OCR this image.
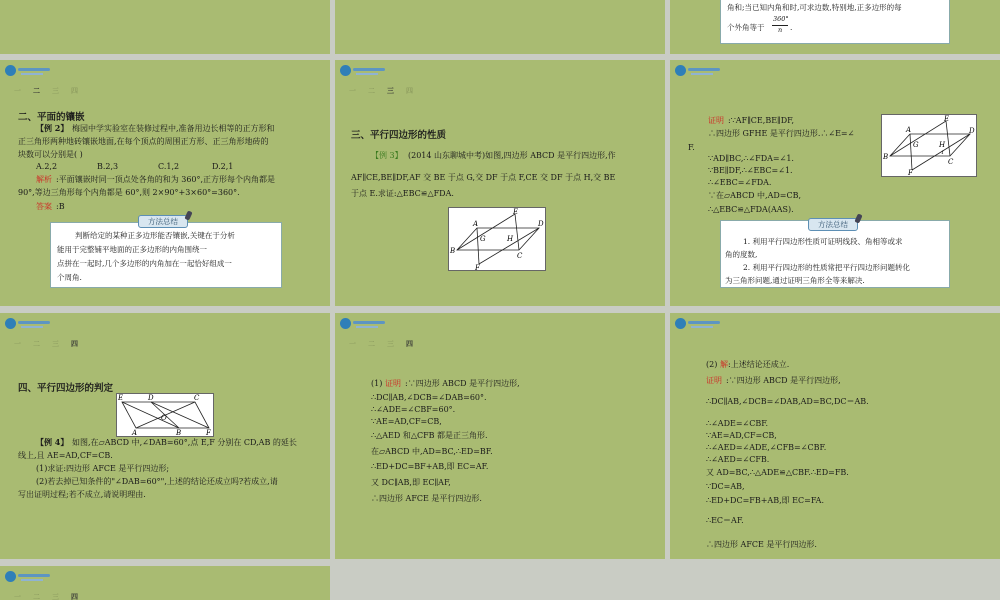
角和;当已知内角和时,可求边数,特别地,正多边形的每
个外角等于
360°
n .
一二三四
二、平面的镶嵌
【例 2】 梅园中学实验室在装修过程中,准备用边长相等的正方形和
正三角形两种地砖镶嵌地面,在每个顶点的周围正方形、正三角形地砖的
块数可以分别是( )
A.2,2	B.2,3	C.1,2	D.2,1
解析 :平面镶嵌时同一顶点处各角的和为 360°,正方形每个内角都是
90°,等边三角形每个内角都是 60°,则 2×90°+3×60°=360°.
答案 :B
判断给定的某种正多边形能否镶嵌,关键在于分析
能用于完整铺平地面的正多边形的内角围绕一
点拼在一起时,几个多边形的内角加在一起恰好组成一
个周角.
方法总结
一二三四
三、平行四边形的性质
【例 3】 (2014 山东聊城中考)如图,四边形 ABCD 是平行四边形,作
AF∥CE,BE∥DF,AF 交 BE 于点 G,交 DF 于点 F,CE 交 DF 于点 H,交 BE
于点 E.求证:△EBC≌△FDA.
A
B
C
D
E
F
G	H
证明 :∵AF∥CE,BE∥DF,
∴四边形 GFHE 是平行四边形.∴∠E=∠
F.
∵AD∥BC,∴∠FDA=∠1.
∵BE∥DF,∴∠EBC=∠1.
∴∠EBC=∠FDA.
∵在▱ABCD 中,AD=CB,
∴△EBC≌△FDA(AAS).
A
B
C
D
E
F
G	H
1
1. 利用平行四边形性质可证明线段、角相等或求
角的度数,
2. 利用平行四边形的性质常把平行四边形问题转化
为三角形问题,通过证明三角形全等来解决.
方法总结
一二三四
四、平行四边形的判定
E	D	C
O
A	B	F
【例 4】 如图,在▱ABCD 中,∠DAB=60°,点 E,F 分别在 CD,AB 的延长
线上,且 AE=AD,CF=CB.
(1)求证:四边形 AFCE 是平行四边形;
(2)若去掉已知条件的"∠DAB=60°",上述的结论还成立吗?若成立,请
写出证明过程;若不成立,请说明理由.
一二三四
(1) 证明 :∵四边形 ABCD 是平行四边形,
∴DC∥AB,∠DCB=∠DAB=60°.
∴∠ADE=∠CBF=60°.
∵AE=AD,CF=CB,
∴△AED 和△CFB 都是正三角形.
在▱ABCD 中,AD=BC,∴ED=BF.
∴ED+DC=BF+AB,即 EC=AF.
又 DC∥AB,即 EC∥AF,
∴四边形 AFCE 是平行四边形.
(2) 解 :上述结论还成立.
证明 :∵四边形 ABCD 是平行四边形,
∴DC∥AB,∠DCB=∠DAB,AD=BC,DC＝AB.
∴∠ADE=∠CBF.
∵AE=AD,CF=CB,
∴∠AED=∠ADE,∠CFB=∠CBF.
∴∠AED=∠CFB.
又 AD=BC,∴△ADE≌△CBF.∴ED=FB.
∵DC=AB,
∴ED+DC=FB+AB,即 EC=FA.
∴EC＝AF.
∴四边形 AFCE 是平行四边形.
一二三四
